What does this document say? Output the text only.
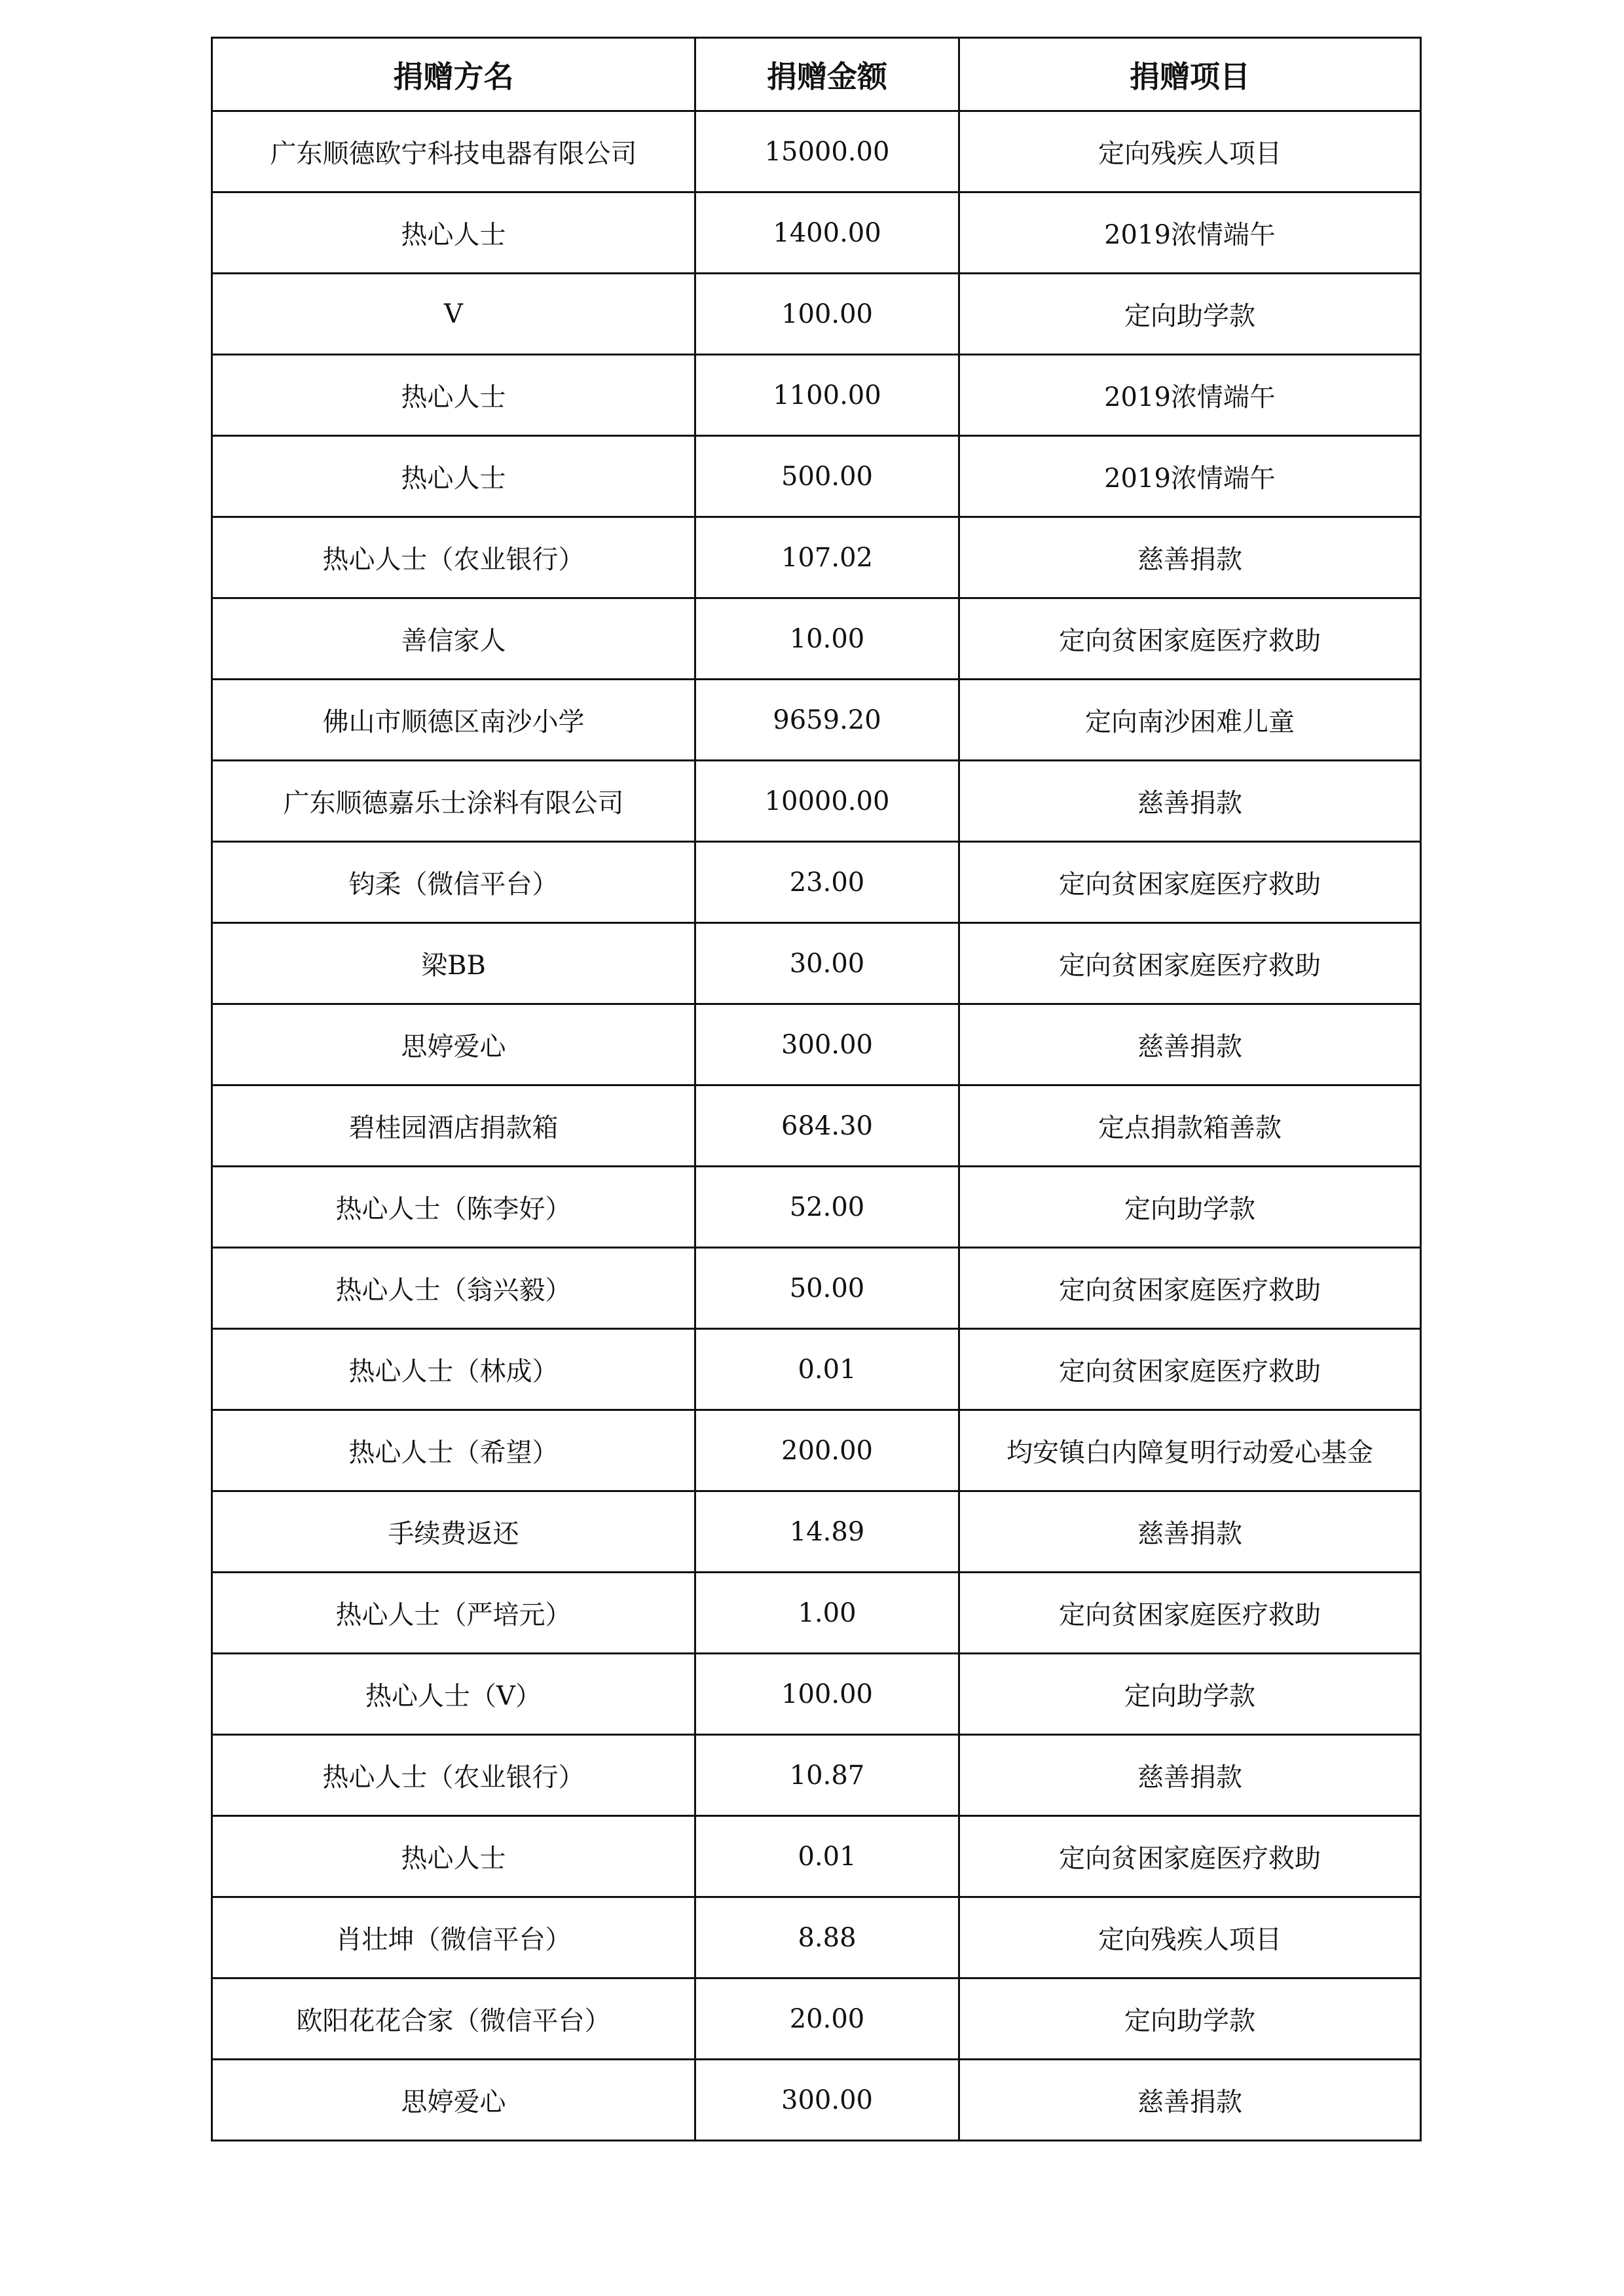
捐赠方名	捐赠金额	捐赠项目
广东顺德欧宁科技电器有限公司	15000.00	定向残疾人项目
热心人士	1400.00	2019浓情端午
V	100.00	定向助学款
热心人士	1100.00	2019浓情端午
热心人士	500.00	2019浓情端午
热心人士（农业银行）	107.02	慈善捐款
善信家人	10.00	定向贫困家庭医疗救助
佛山市顺德区南沙小学	9659.20	定向南沙困难儿童
广东顺德嘉乐士涂料有限公司	10000.00	慈善捐款
钧柔（微信平台）	23.00	定向贫困家庭医疗救助
梁BB	30.00	定向贫困家庭医疗救助
思婷爱心	300.00	慈善捐款
碧桂园酒店捐款箱	684.30	定点捐款箱善款
热心人士（陈李好）	52.00	定向助学款
热心人士（翁兴毅）	50.00	定向贫困家庭医疗救助
热心人士（林成）	0.01	定向贫困家庭医疗救助
热心人士（希望）	200.00	均安镇白内障复明行动爱心基金
手续费返还	14.89	慈善捐款
热心人士（严培元）	1.00	定向贫困家庭医疗救助
热心人士（V）	100.00	定向助学款
热心人士（农业银行）	10.87	慈善捐款
热心人士	0.01	定向贫困家庭医疗救助
肖壮坤（微信平台）	8.88	定向残疾人项目
欧阳花花合家（微信平台）	20.00	定向助学款
思婷爱心	300.00	慈善捐款
